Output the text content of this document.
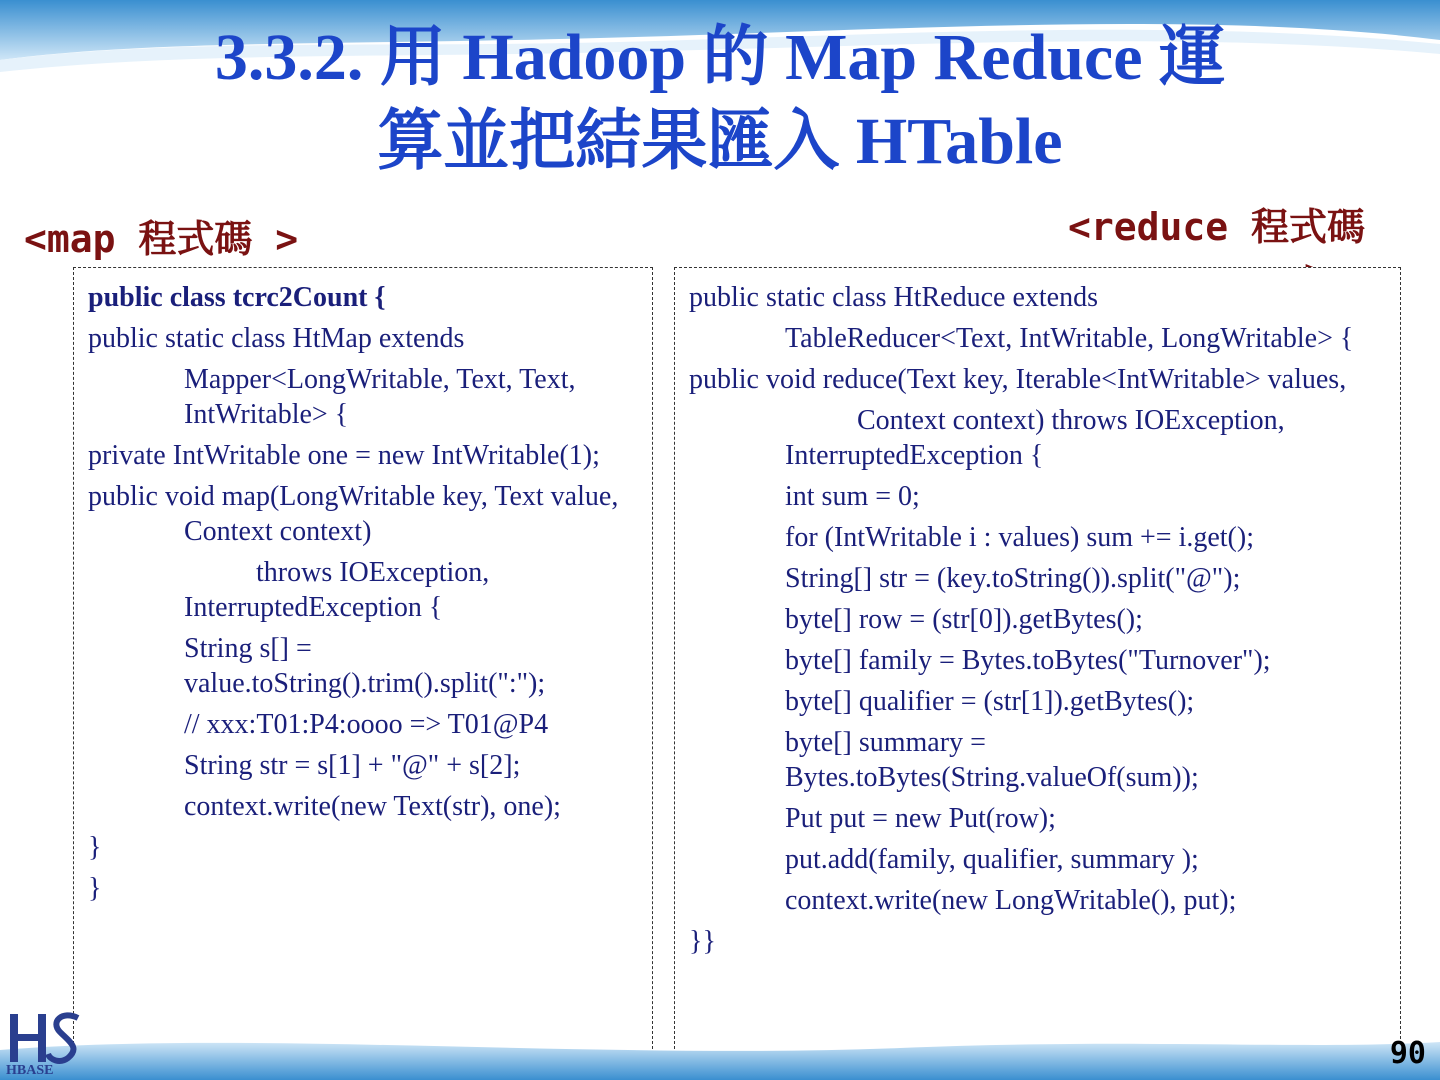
3.3.2. 用 Hadoop 的 Map Reduce 運
算並把結果匯入 HTable
<map 程式碼 >	<reduce 程式碼
public class tcrc2Count {
public static class HtMap extends
Mapper<LongWritable, Text, Text, IntWritable> {
private IntWritable one = new IntWritable(1);
public void map(LongWritable key, Text value, Context context)
throws IOException, InterruptedException {
String s[] = value.toString().trim().split(":");
// xxx:T01:P4:oooo => T01@P4
String str = s[1] + "@" + s[2];
context.write(new Text(str), one);
}
}
public static class HtReduce extends
TableReducer<Text, IntWritable, LongWritable> {
public void reduce(Text key, Iterable<IntWritable> values,
Context context) throws IOException, InterruptedException {
int sum = 0;
for (IntWritable i : values) sum += i.get();
String[] str = (key.toString()).split("@");
byte[] row = (str[0]).getBytes();
byte[] family = Bytes.toBytes("Turnover");
byte[] qualifier = (str[1]).getBytes();
byte[] summary = Bytes.toBytes(String.valueOf(sum));
Put put = new Put(row);
put.add(family, qualifier, summary );
context.write(new LongWritable(), put);
}}
HBASE	90
